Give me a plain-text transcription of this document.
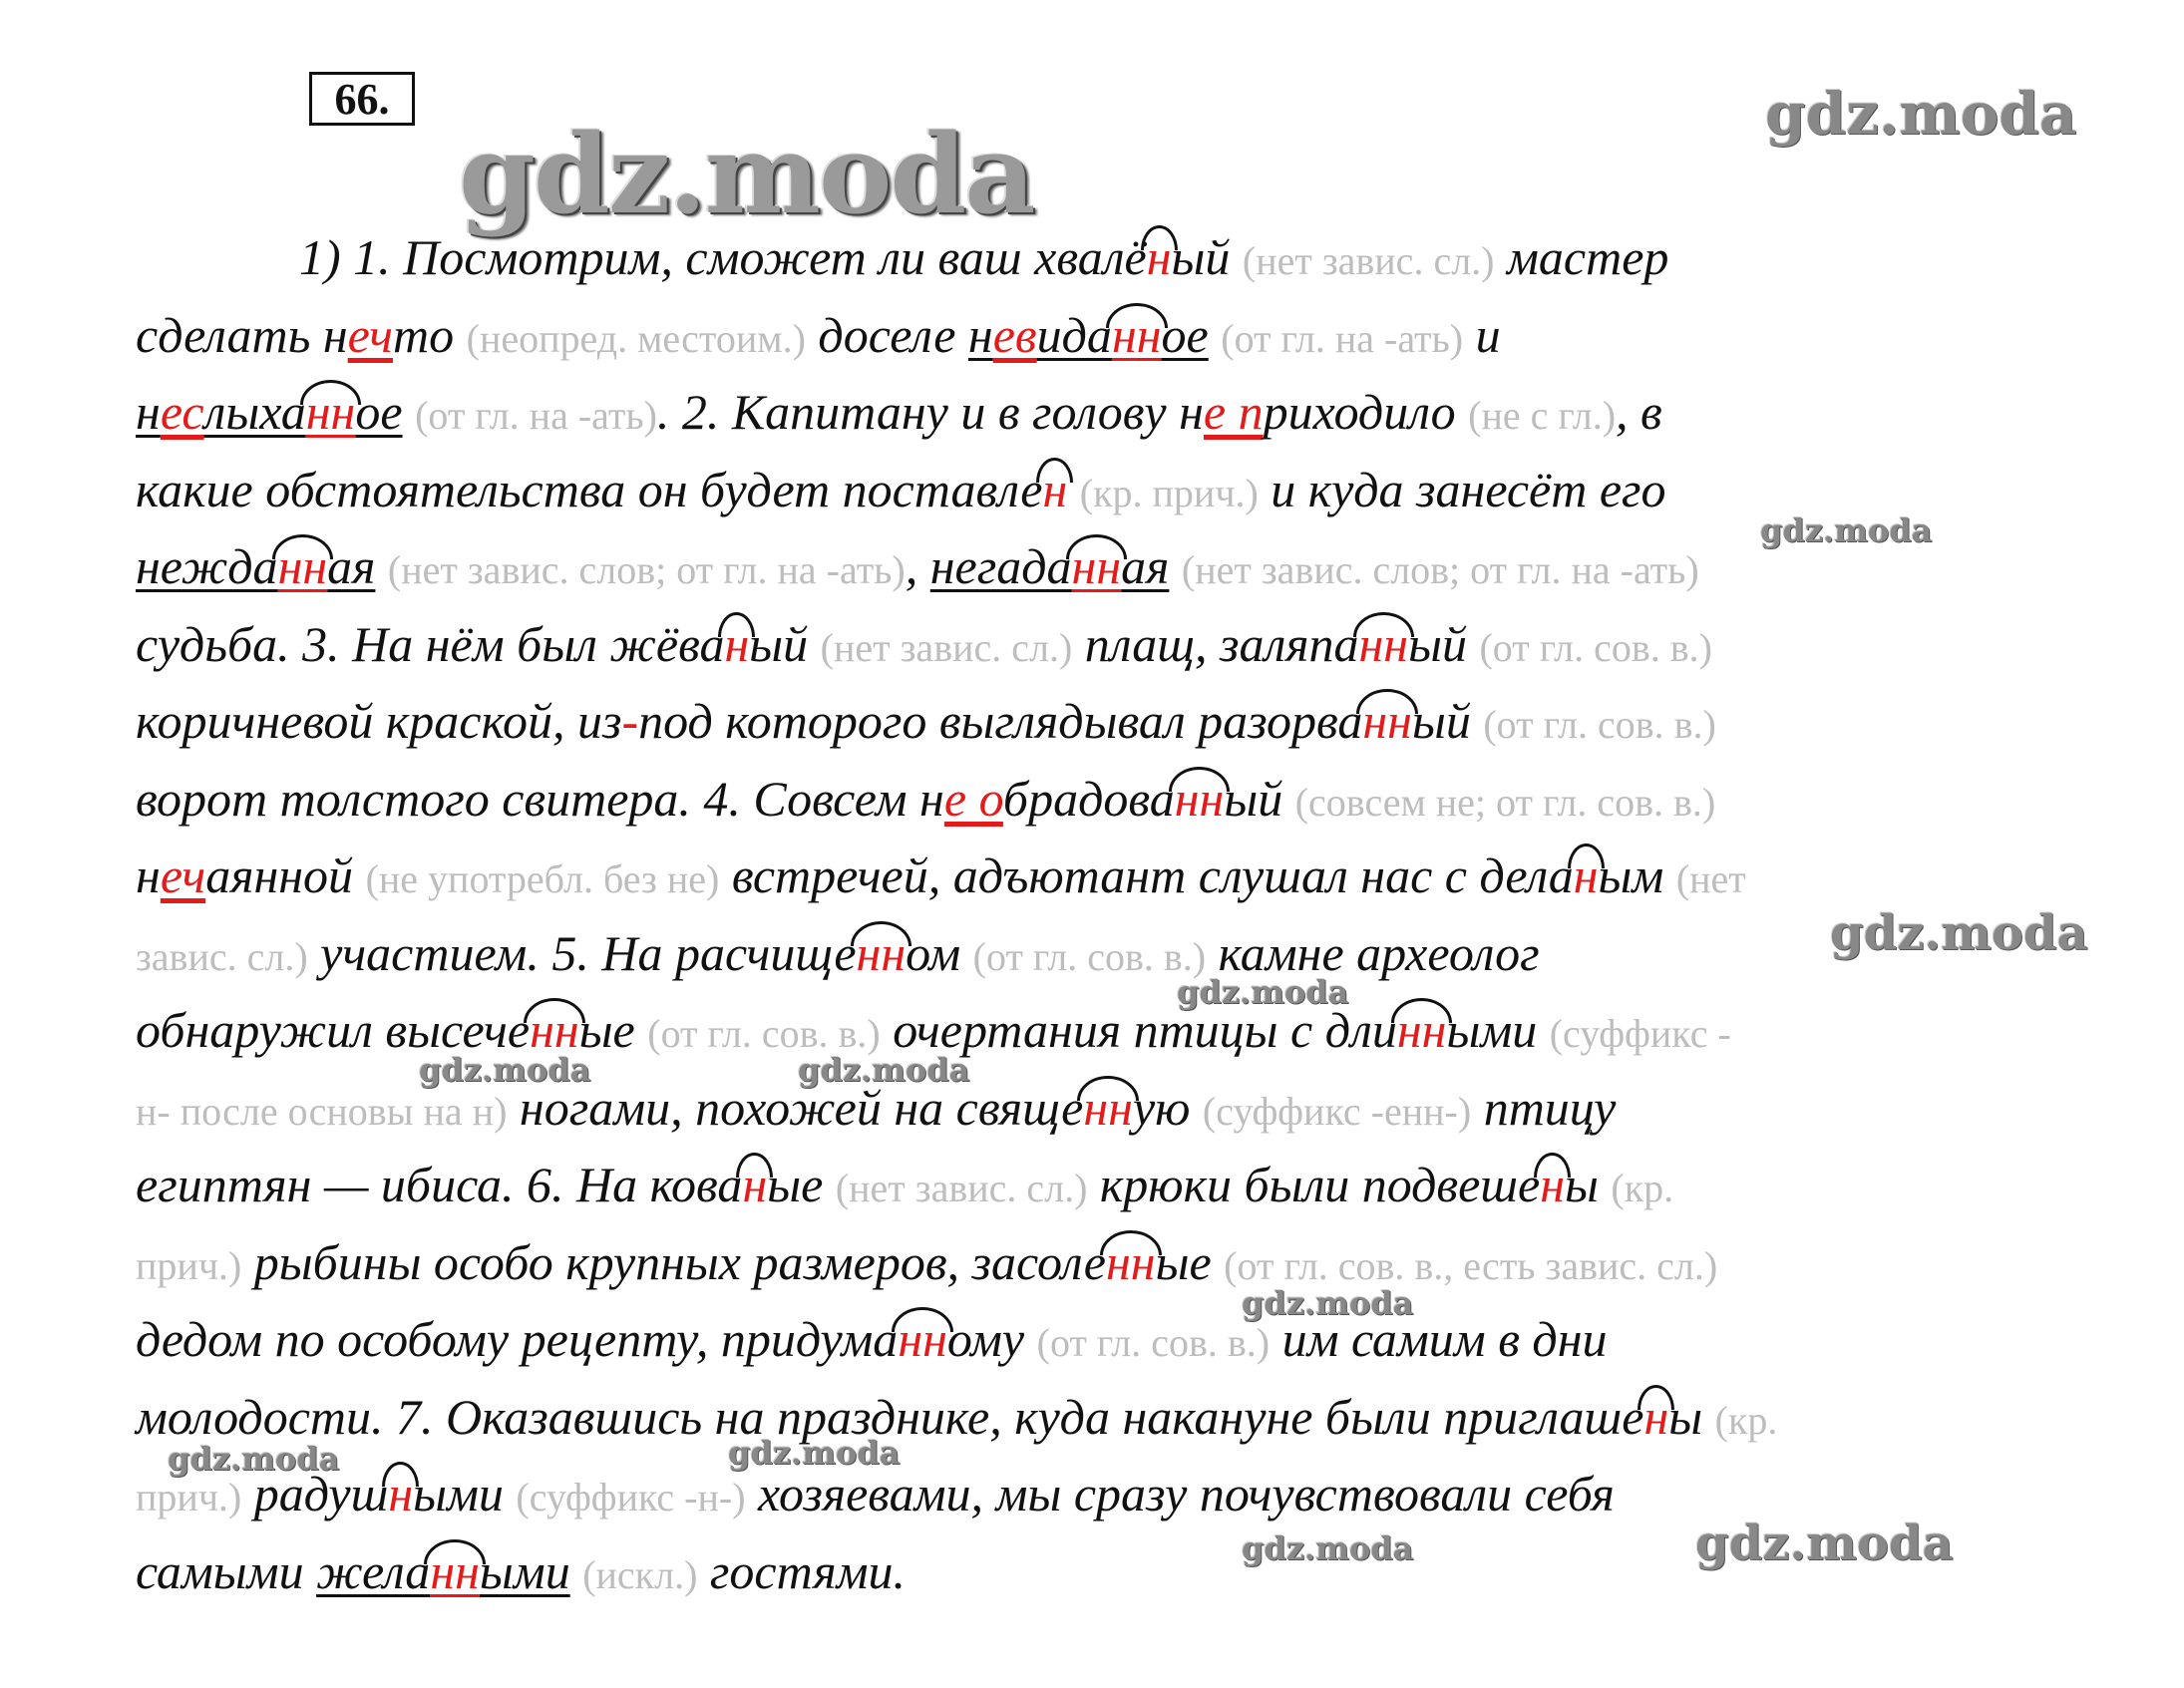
66.
gdz.moda	gdz.moda
gdz.moda
gdz.moda
gdz.moda
gdz.moda	gdz.moda
gdz.moda
gdz.moda	gdz.moda
gdz.moda	gdz.moda
1) 1. Посмотрим, сможет ли ваш хвалёный (нет завис. сл.) мастер
сделать нечто (неопред. местоим.) доселе невиданное (от гл. на -ать) и
неслыханное (от гл. на -ать). 2. Капитану и в голову не приходило (не с гл.), в
какие обстоятельства он будет поставлен (кр. прич.) и куда занесёт его
нежданная (нет завис. слов; от гл. на -ать), негаданная (нет завис. слов; от гл. на -ать)
судьба. 3. На нём был жёваный (нет завис. сл.) плащ, заляпанный (от гл. сов. в.)
коричневой краской, из-под которого выглядывал разорванный (от гл. сов. в.)
ворот толстого свитера. 4. Совсем не обрадованный (совсем не; от гл. сов. в.)
нечаянной (не употребл. без не) встречей, адъютант слушал нас с деланым (нет
завис. сл.) участием. 5. На расчищенном (от гл. сов. в.) камне археолог
обнаружил высеченные (от гл. сов. в.) очертания птицы с длинными (суффикс -
н- после основы на н) ногами, похожей на священную (суффикс -енн-) птицу
египтян — ибиса. 6. На кованые (нет завис. сл.) крюки были подвешены (кр.
прич.) рыбины особо крупных размеров, засоленные (от гл. сов. в., есть завис. сл.)
дедом по особому рецепту, придуманному (от гл. сов. в.) им самим в дни
молодости. 7. Оказавшись на празднике, куда накануне были приглашены (кр.
прич.) радушными (суффикс -н-) хозяевами, мы сразу почувствовали себя
самыми желанными (искл.) гостями.
